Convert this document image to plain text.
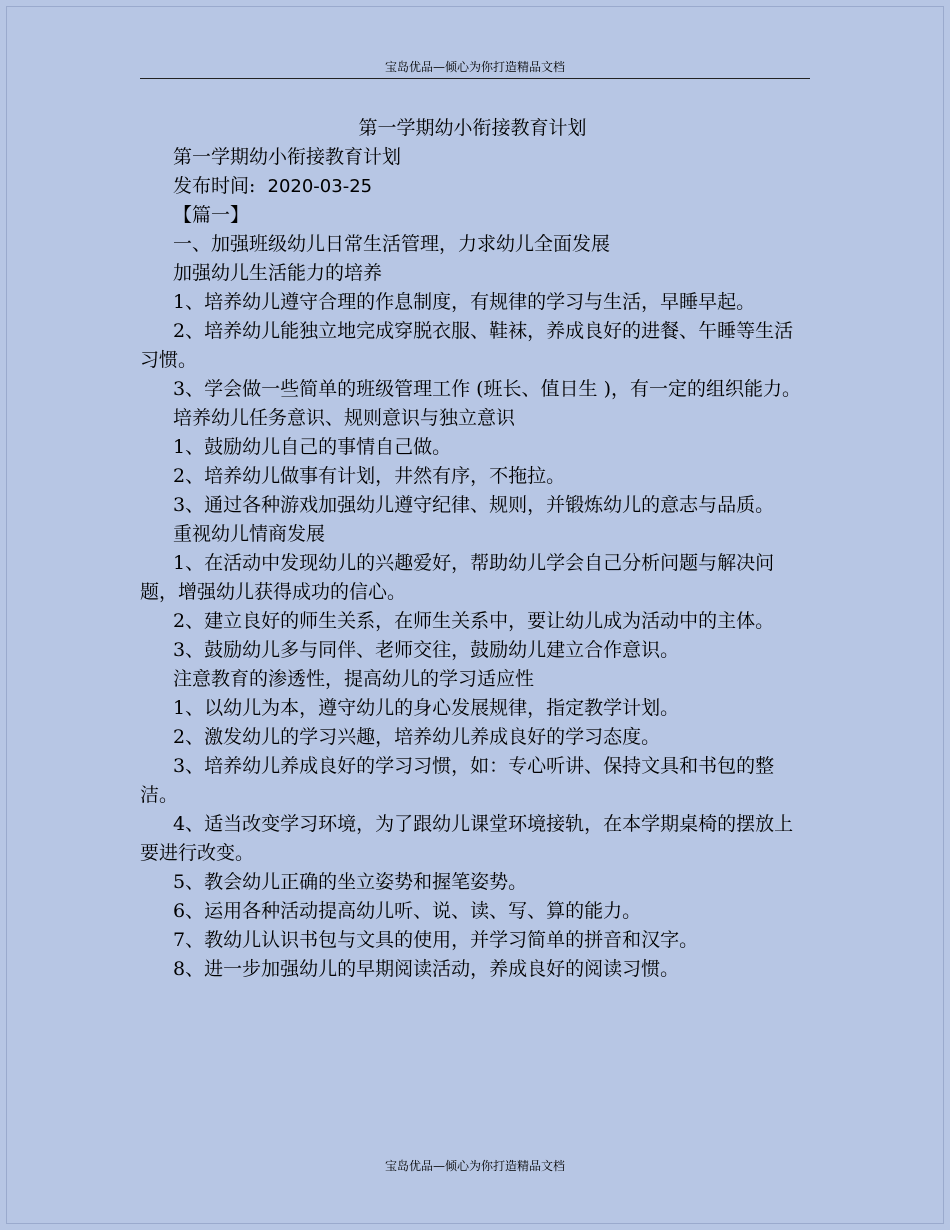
宝岛优品—倾心为你打造精品文档
第一学期幼小衔接教育计划

第一学期幼小衔接教育计划

发布时间: 2020-03-25

【篇一】

一、加强班级幼儿日常生活管理，力求幼儿全面发展

加强幼儿生活能力的培养

1、培养幼儿遵守合理的作息制度，有规律的学习与生活，早睡早起。

2、培养幼儿能独立地完成穿脱衣服、鞋袜，养成良好的进餐、午睡等生活习惯。

3、学会做一些简单的班级管理工作 (班长、值日生 )，有一定的组织能力。

培养幼儿任务意识、规则意识与独立意识

1、鼓励幼儿自己的事情自己做。

2、培养幼儿做事有计划，井然有序，不拖拉。

3、通过各种游戏加强幼儿遵守纪律、规则，并锻炼幼儿的意志与品质。

重视幼儿情商发展

1、在活动中发现幼儿的兴趣爱好，帮助幼儿学会自己分析问题与解决问题，增强幼儿获得成功的信心。

2、建立良好的师生关系，在师生关系中，要让幼儿成为活动中的主体。

3、鼓励幼儿多与同伴、老师交往，鼓励幼儿建立合作意识。

注意教育的渗透性，提高幼儿的学习适应性

1、以幼儿为本，遵守幼儿的身心发展规律，指定教学计划。

2、激发幼儿的学习兴趣，培养幼儿养成良好的学习态度。

3、培养幼儿养成良好的学习习惯，如：专心听讲、保持文具和书包的整洁。

4、适当改变学习环境，为了跟幼儿课堂环境接轨，在本学期桌椅的摆放上要进行改变。

5、教会幼儿正确的坐立姿势和握笔姿势。

6、运用各种活动提高幼儿听、说、读、写、算的能力。

7、教幼儿认识书包与文具的使用，并学习简单的拼音和汉字。

8、进一步加强幼儿的早期阅读活动，养成良好的阅读习惯。

宝岛优品—倾心为你打造精品文档
